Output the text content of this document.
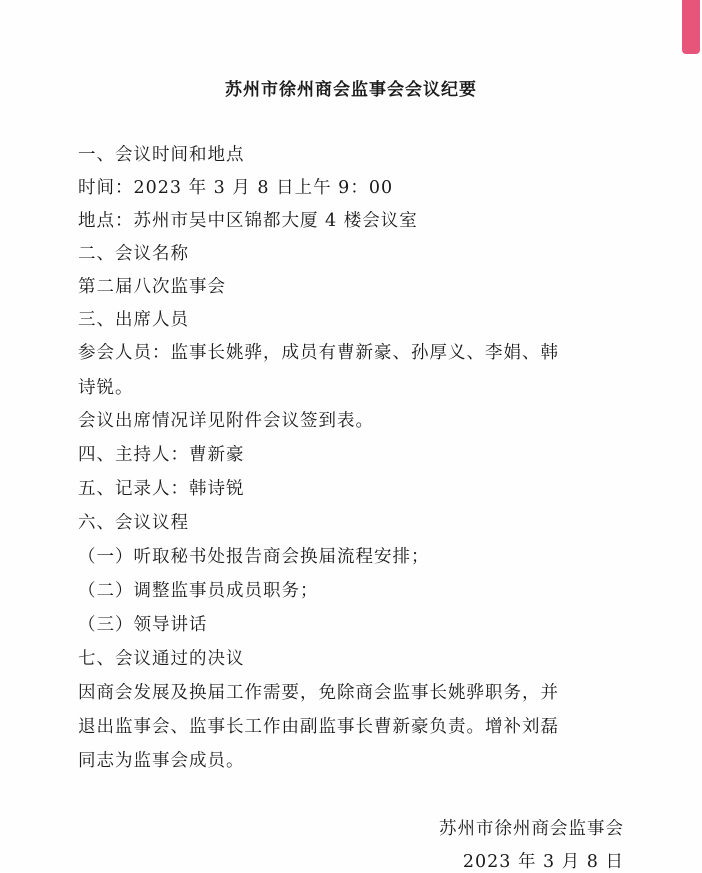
苏州市徐州商会监事会会议纪要
一、会议时间和地点
时间：2023 年 3 月 8 日上午 9：00
地点：苏州市吴中区锦都大厦 4 楼会议室
二、会议名称
第二届八次监事会
三、出席人员
参会人员：监事长姚骅，成员有曹新豪、孙厚义、李娟、韩
诗锐。
会议出席情况详见附件会议签到表。
四、主持人：曹新豪
五、记录人：韩诗锐
六、会议议程
（一）听取秘书处报告商会换届流程安排；
（二）调整监事员成员职务；
（三）领导讲话
七、会议通过的决议
因商会发展及换届工作需要，免除商会监事长姚骅职务，并
退出监事会、监事长工作由副监事长曹新豪负责。增补刘磊
同志为监事会成员。
苏州市徐州商会监事会
2023 年 3 月 8 日
